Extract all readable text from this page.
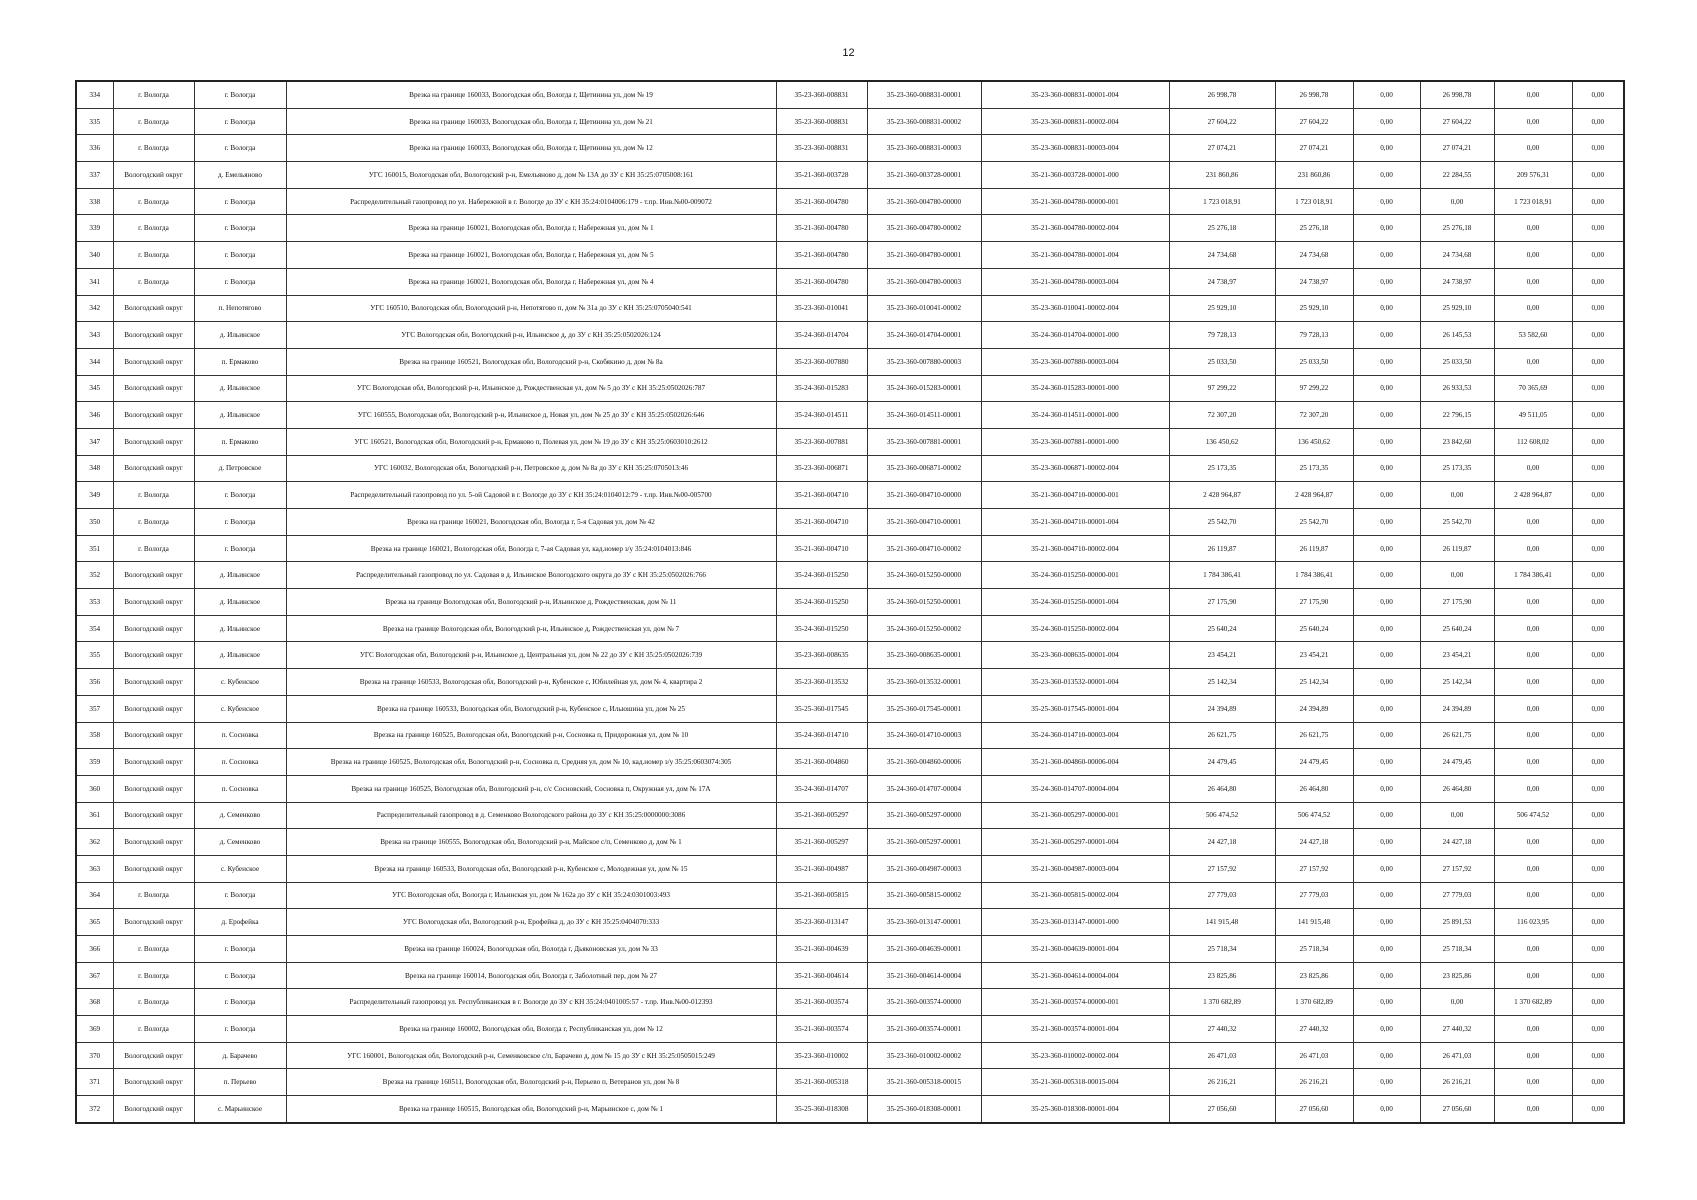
12
334	г. Вологда	г. Вологда	Врезка на границе 160033, Вологодская обл, Вологда г, Щетинина ул, дом № 19	35-23-360-008831	35-23-360-008831-00001	35-23-360-008831-00001-004	26 998,78	26 998,78	0,00	26 998,78	0,00	0,00
335	г. Вологда	г. Вологда	Врезка на границе 160033, Вологодская обл, Вологда г, Щетинина ул, дом № 21	35-23-360-008831	35-23-360-008831-00002	35-23-360-008831-00002-004	27 604,22	27 604,22	0,00	27 604,22	0,00	0,00
336	г. Вологда	г. Вологда	Врезка на границе 160033, Вологодская обл, Вологда г, Щетинина ул, дом № 12	35-23-360-008831	35-23-360-008831-00003	35-23-360-008831-00003-004	27 074,21	27 074,21	0,00	27 074,21	0,00	0,00
337	Вологодский округ	д. Емельяново	УГС 160015, Вологодская обл, Вологодский р-н, Емельяново д, дом № 13А до ЗУ с КН 35:25:0705008:161	35-21-360-003728	35-21-360-003728-00001	35-21-360-003728-00001-000	231 860,86	231 860,86	0,00	22 284,55	209 576,31	0,00
338	г. Вологда	г. Вологда	Распределительный газопровод по ул. Набережной в г. Вологде до ЗУ с КН 35:24:0104006:179 - т.пр. Инв.№00-009072	35-21-360-004780	35-21-360-004780-00000	35-21-360-004780-00000-001	1 723 018,91	1 723 018,91	0,00	0,00	1 723 018,91	0,00
339	г. Вологда	г. Вологда	Врезка на границе 160021, Вологодская обл, Вологда г, Набережная ул, дом № 1	35-21-360-004780	35-21-360-004780-00002	35-21-360-004780-00002-004	25 276,18	25 276,18	0,00	25 276,18	0,00	0,00
340	г. Вологда	г. Вологда	Врезка на границе 160021, Вологодская обл, Вологда г, Набережная ул, дом № 5	35-21-360-004780	35-21-360-004780-00001	35-21-360-004780-00001-004	24 734,68	24 734,68	0,00	24 734,68	0,00	0,00
341	г. Вологда	г. Вологда	Врезка на границе 160021, Вологодская обл, Вологда г, Набережная ул, дом № 4	35-21-360-004780	35-21-360-004780-00003	35-21-360-004780-00003-004	24 738,97	24 738,97	0,00	24 738,97	0,00	0,00
342	Вологодский округ	п. Непотягово	УГС 160510, Вологодская обл, Вологодский р-н, Непотягово п, дом № 31а до ЗУ с КН 35:25:0705040:541	35-23-360-010041	35-23-360-010041-00002	35-23-360-010041-00002-004	25 929,10	25 929,10	0,00	25 929,10	0,00	0,00
343	Вологодский округ	д. Ильинское	УГС Вологодская обл, Вологодский р-н, Ильинское д, до ЗУ с КН 35:25:0502026:124	35-24-360-014704	35-24-360-014704-00001	35-24-360-014704-00001-000	79 728,13	79 728,13	0,00	26 145,53	53 582,60	0,00
344	Вологодский округ	п. Ермаково	Врезка на границе 160521, Вологодская обл, Вологодский р-н, Скобякино д, дом № 8а	35-23-360-007880	35-23-360-007880-00003	35-23-360-007880-00003-004	25 033,50	25 033,50	0,00	25 033,50	0,00	0,00
345	Вологодский округ	д. Ильинское	УГС Вологодская обл, Вологодский р-н, Ильинское д, Рождественская ул, дом № 5 до ЗУ с КН 35:25:0502026:787	35-24-360-015283	35-24-360-015283-00001	35-24-360-015283-00001-000	97 299,22	97 299,22	0,00	26 933,53	70 365,69	0,00
346	Вологодский округ	д. Ильинское	УГС 160555, Вологодская обл, Вологодский р-н, Ильинское д, Новая ул, дом № 25 до ЗУ с КН 35:25:0502026:646	35-24-360-014511	35-24-360-014511-00001	35-24-360-014511-00001-000	72 307,20	72 307,20	0,00	22 796,15	49 511,05	0,00
347	Вологодский округ	п. Ермаково	УГС 160521, Вологодская обл, Вологодский р-н, Ермаково п, Полевая ул, дом № 19 до ЗУ с КН 35:25:0603010:2612	35-23-360-007881	35-23-360-007881-00001	35-23-360-007881-00001-000	136 450,62	136 450,62	0,00	23 842,60	112 608,02	0,00
348	Вологодский округ	д. Петровское	УГС 160032, Вологодская обл, Вологодский р-н, Петровское д, дом № 8а до ЗУ с КН 35:25:0705013:46	35-23-360-006871	35-23-360-006871-00002	35-23-360-006871-00002-004	25 173,35	25 173,35	0,00	25 173,35	0,00	0,00
349	г. Вологда	г. Вологда	Распределительный газопровод по ул. 5-ой Садовой в г. Вологде до ЗУ с КН 35:24:0104012:79 - т.пр. Инв.№00-005700	35-21-360-004710	35-21-360-004710-00000	35-21-360-004710-00000-001	2 428 964,87	2 428 964,87	0,00	0,00	2 428 964,87	0,00
350	г. Вологда	г. Вологда	Врезка на границе 160021, Вологодская обл, Вологда г, 5-я Садовая ул, дом № 42	35-21-360-004710	35-21-360-004710-00001	35-21-360-004710-00001-004	25 542,70	25 542,70	0,00	25 542,70	0,00	0,00
351	г. Вологда	г. Вологда	Врезка на границе 160021, Вологодская обл, Вологда г, 7-ая Садовая ул, кад.номер з/у 35:24:0104013:846	35-21-360-004710	35-21-360-004710-00002	35-21-360-004710-00002-004	26 119,87	26 119,87	0,00	26 119,87	0,00	0,00
352	Вологодский округ	д. Ильинское	Распределительный газопровод по ул. Садовая в д. Ильинское Вологодского округа до ЗУ с КН 35:25:0502026:766	35-24-360-015250	35-24-360-015250-00000	35-24-360-015250-00000-001	1 784 386,41	1 784 386,41	0,00	0,00	1 784 386,41	0,00
353	Вологодский округ	д. Ильинское	Врезка на границе Вологодская обл, Вологодский р-н, Ильинское д, Рождественская, дом № 11	35-24-360-015250	35-24-360-015250-00001	35-24-360-015250-00001-004	27 175,90	27 175,90	0,00	27 175,90	0,00	0,00
354	Вологодский округ	д. Ильинское	Врезка на границе Вологодская обл, Вологодский р-н, Ильинское д, Рождественская ул, дом № 7	35-24-360-015250	35-24-360-015250-00002	35-24-360-015250-00002-004	25 640,24	25 640,24	0,00	25 640,24	0,00	0,00
355	Вологодский округ	д. Ильинское	УГС Вологодская обл, Вологодский р-н, Ильинское д, Центральная ул, дом № 22 до ЗУ с КН 35:25:0502026:739	35-23-360-008635	35-23-360-008635-00001	35-23-360-008635-00001-004	23 454,21	23 454,21	0,00	23 454,21	0,00	0,00
356	Вологодский округ	с. Кубенское	Врезка на границе 160533, Вологодская обл, Вологодский р-н, Кубенское с, Юбилейная ул, дом № 4, квартира 2	35-23-360-013532	35-23-360-013532-00001	35-23-360-013532-00001-004	25 142,34	25 142,34	0,00	25 142,34	0,00	0,00
357	Вологодский округ	с. Кубенское	Врезка на границе 160533, Вологодская обл, Вологодский р-н, Кубенское с, Ильюшина ул, дом № 25	35-25-360-017545	35-25-360-017545-00001	35-25-360-017545-00001-004	24 394,89	24 394,89	0,00	24 394,89	0,00	0,00
358	Вологодский округ	п. Сосновка	Врезка на границе 160525, Вологодская обл, Вологодский р-н, Сосновка п, Придорожная ул, дом № 10	35-24-360-014710	35-24-360-014710-00003	35-24-360-014710-00003-004	26 621,75	26 621,75	0,00	26 621,75	0,00	0,00
359	Вологодский округ	п. Сосновка	Врезка на границе 160525, Вологодская обл, Вологодский р-н, Сосновка п, Средняя ул, дом № 10, кад.номер з/у 35:25:0603074:305	35-21-360-004860	35-21-360-004860-00006	35-21-360-004860-00006-004	24 479,45	24 479,45	0,00	24 479,45	0,00	0,00
360	Вологодский округ	п. Сосновка	Врезка на границе 160525, Вологодская обл, Вологодский р-н, с/с Сосновский, Сосновка п, Окружная ул, дом № 17А	35-24-360-014707	35-24-360-014707-00004	35-24-360-014707-00004-004	26 464,80	26 464,80	0,00	26 464,80	0,00	0,00
361	Вологодский округ	д. Семенково	Распределительный газопровод в д. Семенково Вологодского района до ЗУ с КН 35:25:0000000:3086	35-21-360-005297	35-21-360-005297-00000	35-21-360-005297-00000-001	506 474,52	506 474,52	0,00	0,00	506 474,52	0,00
362	Вологодский округ	д. Семенково	Врезка на границе 160555, Вологодская обл, Вологодский р-н, Майское с/п, Семенково д, дом № 1	35-21-360-005297	35-21-360-005297-00001	35-21-360-005297-00001-004	24 427,18	24 427,18	0,00	24 427,18	0,00	0,00
363	Вологодский округ	с. Кубенское	Врезка на границе 160533, Вологодская обл, Вологодский р-н, Кубенское с, Молодежная ул, дом № 15	35-21-360-004987	35-21-360-004987-00003	35-21-360-004987-00003-004	27 157,92	27 157,92	0,00	27 157,92	0,00	0,00
364	г. Вологда	г. Вологда	УГС Вологодская обл, Вологда г, Ильинская ул, дом № 162а до ЗУ с КН 35:24:0301003:493	35-21-360-005815	35-21-360-005815-00002	35-21-360-005815-00002-004	27 779,03	27 779,03	0,00	27 779,03	0,00	0,00
365	Вологодский округ	д. Ерофейка	УГС Вологодская обл, Вологодский р-н, Ерофейка д, до ЗУ с КН 35:25:0404070:333	35-23-360-013147	35-23-360-013147-00001	35-23-360-013147-00001-000	141 915,48	141 915,48	0,00	25 891,53	116 023,95	0,00
366	г. Вологда	г. Вологда	Врезка на границе 160024, Вологодская обл, Вологда г, Дьяконовская ул, дом № 33	35-21-360-004639	35-21-360-004639-00001	35-21-360-004639-00001-004	25 718,34	25 718,34	0,00	25 718,34	0,00	0,00
367	г. Вологда	г. Вологда	Врезка на границе 160014, Вологодская обл, Вологда г, Заболотный пер, дом № 27	35-21-360-004614	35-21-360-004614-00004	35-21-360-004614-00004-004	23 825,86	23 825,86	0,00	23 825,86	0,00	0,00
368	г. Вологда	г. Вологда	Распределительный газопровод ул. Республиканская в г. Вологде до ЗУ с КН 35:24:0401005:57 - т.пр. Инв.№00-012393	35-21-360-003574	35-21-360-003574-00000	35-21-360-003574-00000-001	1 370 682,89	1 370 682,89	0,00	0,00	1 370 682,89	0,00
369	г. Вологда	г. Вологда	Врезка на границе 160002, Вологодская обл, Вологда г, Республиканская ул, дом № 12	35-21-360-003574	35-21-360-003574-00001	35-21-360-003574-00001-004	27 440,32	27 440,32	0,00	27 440,32	0,00	0,00
370	Вологодский округ	д. Барачево	УГС 160001, Вологодская обл, Вологодский р-н, Семенковское с/п, Барачево д, дом № 15 до ЗУ с КН 35:25:0505015:249	35-23-360-010002	35-23-360-010002-00002	35-23-360-010002-00002-004	26 471,03	26 471,03	0,00	26 471,03	0,00	0,00
371	Вологодский округ	п. Перьево	Врезка на границе 160511, Вологодская обл, Вологодский р-н, Перьево п, Ветеранов ул, дом № 8	35-21-360-005318	35-21-360-005318-00015	35-21-360-005318-00015-004	26 216,21	26 216,21	0,00	26 216,21	0,00	0,00
372	Вологодский округ	с. Марьинское	Врезка на границе 160515, Вологодская обл, Вологодский р-н, Марьинское с, дом № 1	35-25-360-018308	35-25-360-018308-00001	35-25-360-018308-00001-004	27 056,60	27 056,60	0,00	27 056,60	0,00	0,00
